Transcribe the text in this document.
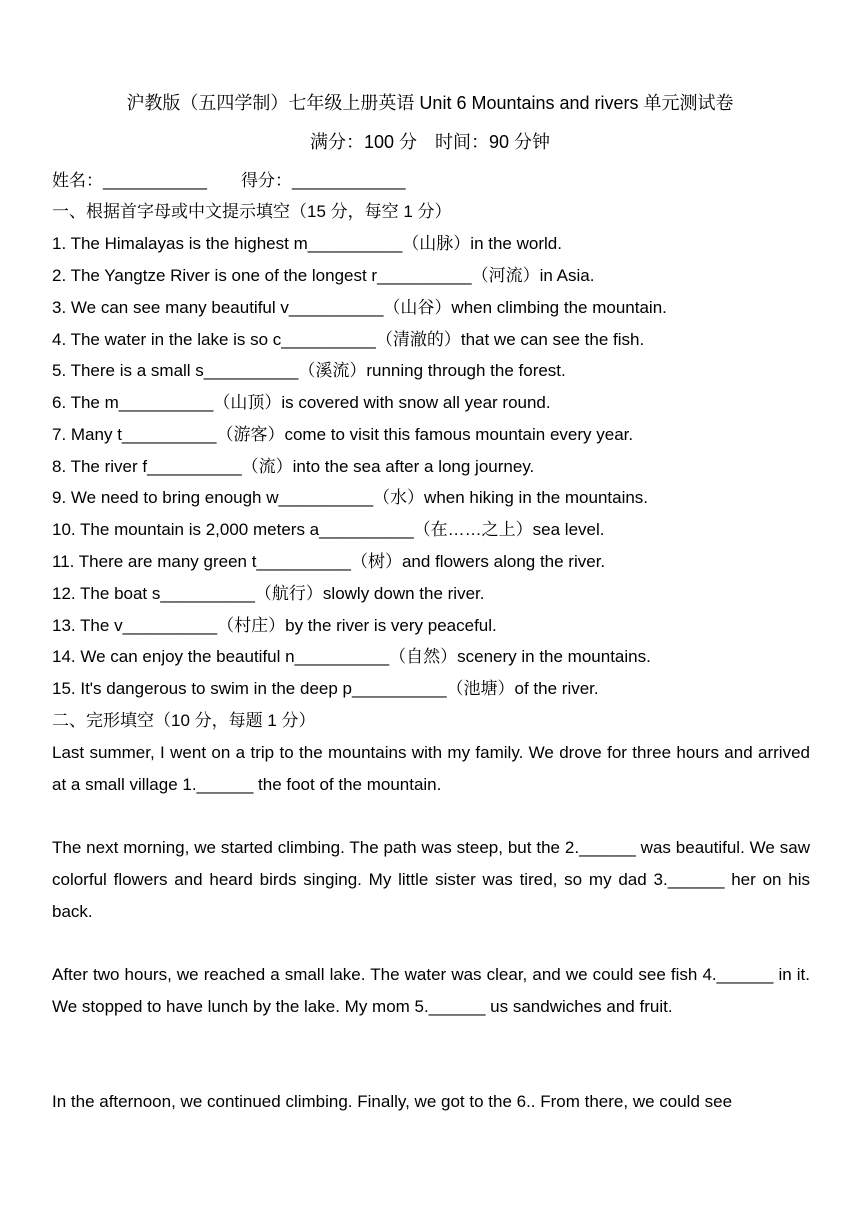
沪教版（五四学制）七年级上册英语 Unit 6 Mountains and rivers 单元测试卷
满分：100 分　时间：90 分钟
姓名：___________　　得分：____________
一、根据首字母或中文提示填空（15 分，每空 1 分）
1. The Himalayas is the highest m__________（山脉）in the world.
2. The Yangtze River is one of the longest r__________（河流）in Asia.
3. We can see many beautiful v__________（山谷）when climbing the mountain.
4. The water in the lake is so c__________（清澈的）that we can see the fish.
5. There is a small s__________（溪流）running through the forest.
6. The m__________（山顶）is covered with snow all year round.
7. Many t__________（游客）come to visit this famous mountain every year.
8. The river f__________（流）into the sea after a long journey.
9. We need to bring enough w__________（水）when hiking in the mountains.
10. The mountain is 2,000 meters a__________（在……之上）sea level.
11. There are many green t__________（树）and flowers along the river.
12. The boat s__________（航行）slowly down the river.
13. The v__________（村庄）by the river is very peaceful.
14. We can enjoy the beautiful n__________（自然）scenery in the mountains.
15. It's dangerous to swim in the deep p__________（池塘）of the river.
二、完形填空（10 分，每题 1 分）
Last summer, I went on a trip to the mountains with my family. We drove for three hours and arrived at a small village 1.______ the foot of the mountain.
The next morning, we started climbing. The path was steep, but the 2.______ was beautiful. We saw colorful flowers and heard birds singing. My little sister was tired, so my dad 3.______ her on his back.
After two hours, we reached a small lake. The water was clear, and we could see fish 4.______ in it. We stopped to have lunch by the lake. My mom 5.______ us sandwiches and fruit.
In the afternoon, we continued climbing. Finally, we got to the 6.. From there, we could see
